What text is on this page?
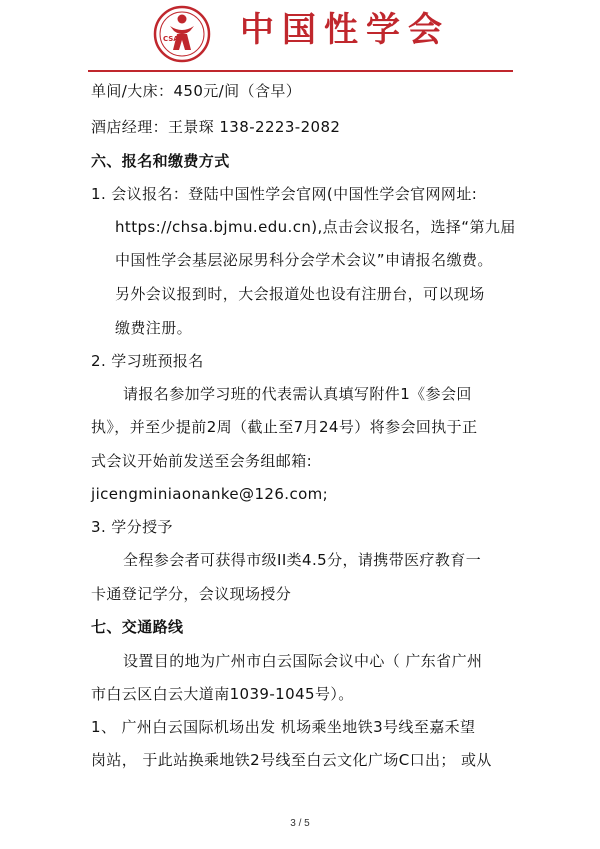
CSA 中国性学会
单间/大床：450元/间（含早）
酒店经理：王景琛 138-2223-2082
六、报名和缴费方式
1. 会议报名：登陆中国性学会官网(中国性学会官网网址:
https://chsa.bjmu.edu.cn),点击会议报名，选择“第九届
中国性学会基层泌尿男科分会学术会议”申请报名缴费。
另外会议报到时，大会报道处也设有注册台，可以现场
缴费注册。
2. 学习班预报名
请报名参加学习班的代表需认真填写附件1《参会回
执》，并至少提前2周（截止至7月24号）将参会回执于正
式会议开始前发送至会务组邮箱:
jicengminiaonanke@126.com;
3. 学分授予
全程参会者可获得市级II类4.5分，请携带医疗教育一
卡通登记学分，会议现场授分
七、交通路线
设置目的地为广州市白云国际会议中心（ 广东省广州
市白云区白云大道南1039-1045号）。
1、 广州白云国际机场出发 机场乘坐地铁3号线至嘉禾望
岗站， 于此站换乘地铁2号线至白云文化广场C口出； 或从
3 / 5
